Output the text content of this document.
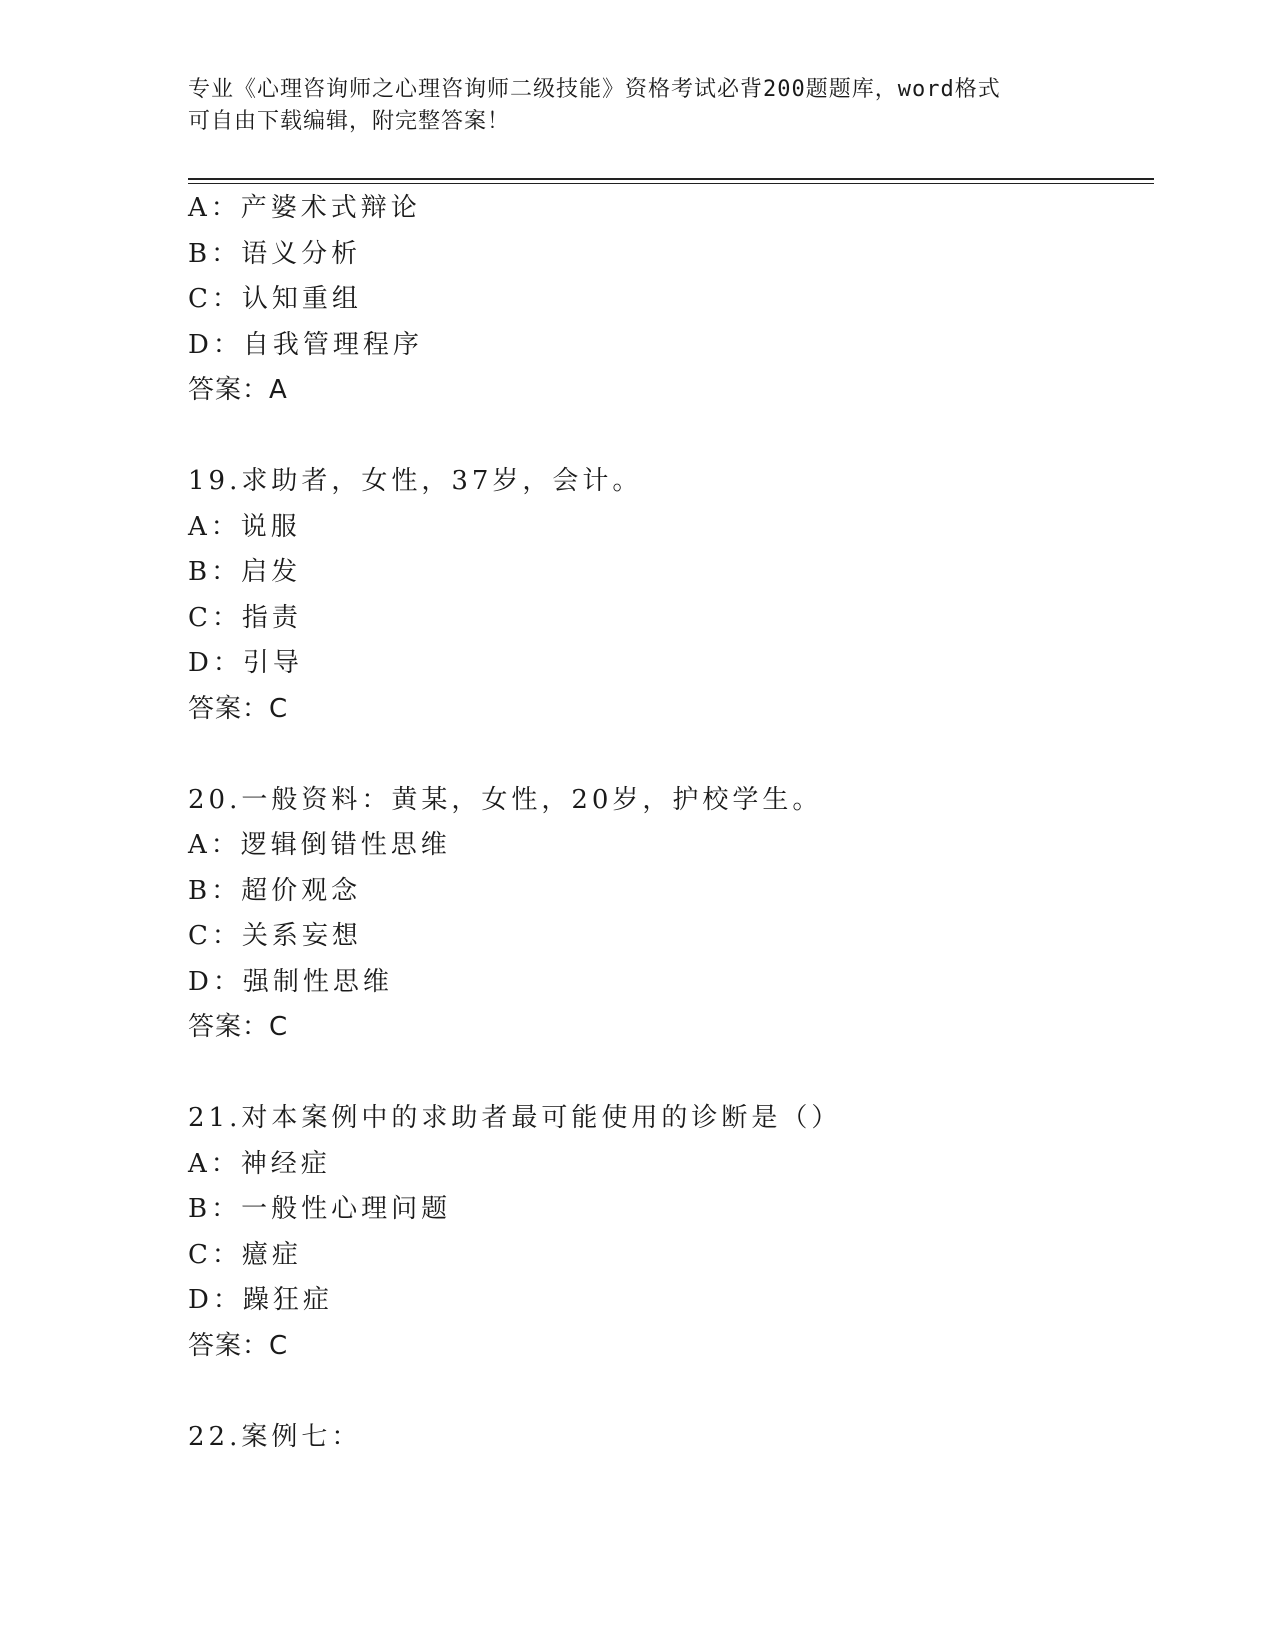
专业《心理咨询师之心理咨询师二级技能》资格考试必背200题题库，word格式
可自由下载编辑，附完整答案！
A：产婆术式辩论
B：语义分析
C：认知重组
D：自我管理程序
答案：A
19.求助者，女性，37岁，会计。
A：说服
B：启发
C：指责
D：引导
答案：C
20.一般资料：黄某，女性，20岁，护校学生。
A：逻辑倒错性思维
B：超价观念
C：关系妄想
D：强制性思维
答案：C
21.对本案例中的求助者最可能使用的诊断是（）
A：神经症
B：一般性心理问题
C：癔症
D：躁狂症
答案：C
22.案例七：
